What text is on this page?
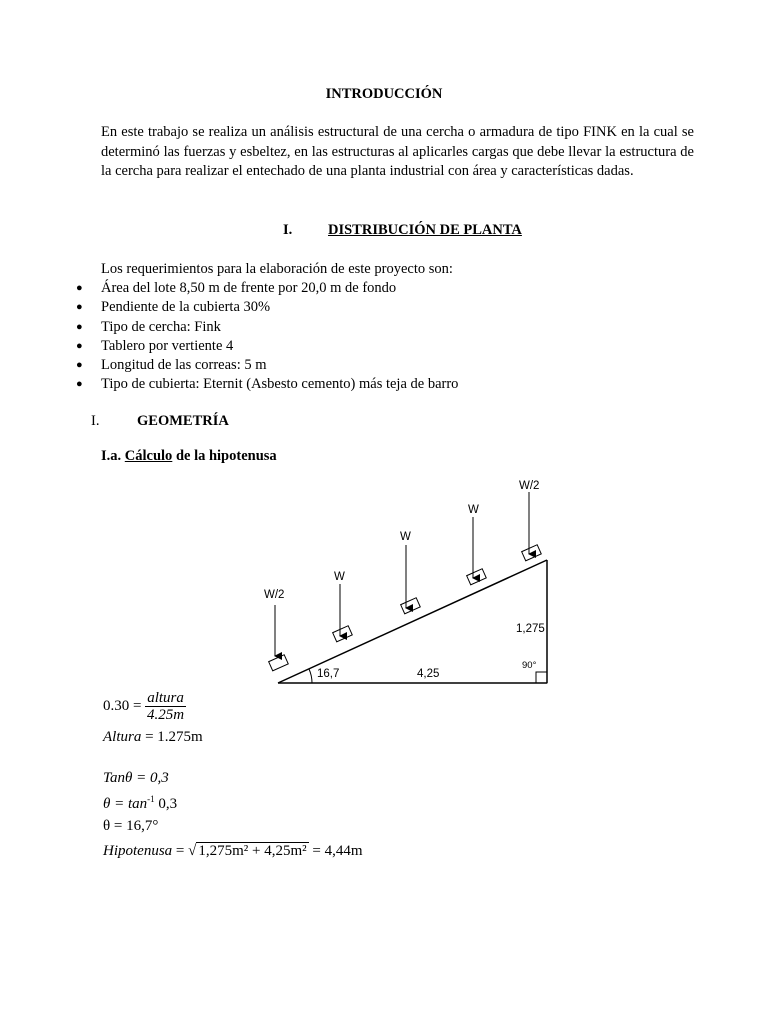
INTRODUCCIÓN
En este trabajo se realiza un análisis estructural de una cercha o armadura de tipo FINK en la cual se determinó las fuerzas y esbeltez, en las estructuras al aplicarles cargas que debe llevar la estructura de la cercha para realizar el entechado de una planta industrial con área y características dadas.
I. DISTRIBUCIÓN DE PLANTA
Los requerimientos para la elaboración de este proyecto son:
● Área del lote 8,50 m de frente por 20,0 m de fondo
● Pendiente de la cubierta 30%
● Tipo de cercha: Fink
● Tablero por vertiente 4
● Longitud de las correas: 5 m
● Tipo de cubierta: Eternit (Asbesto cemento) más teja de barro
I.	GEOMETRÍA
I.a. Cálculo de la hipotenusa
W/2
W
W
W
W/2
16,7	4,25
1,275
90°
$0.30 = \frac{\text{altura}}{4.25m}$
Altura = 1.275m
Tanθ = 0,3
$\theta = \tan^{-1} 0,3$
θ = 16,7°
Hipotenusa = √ 1,275m² + 4,25m² = 4,44m
